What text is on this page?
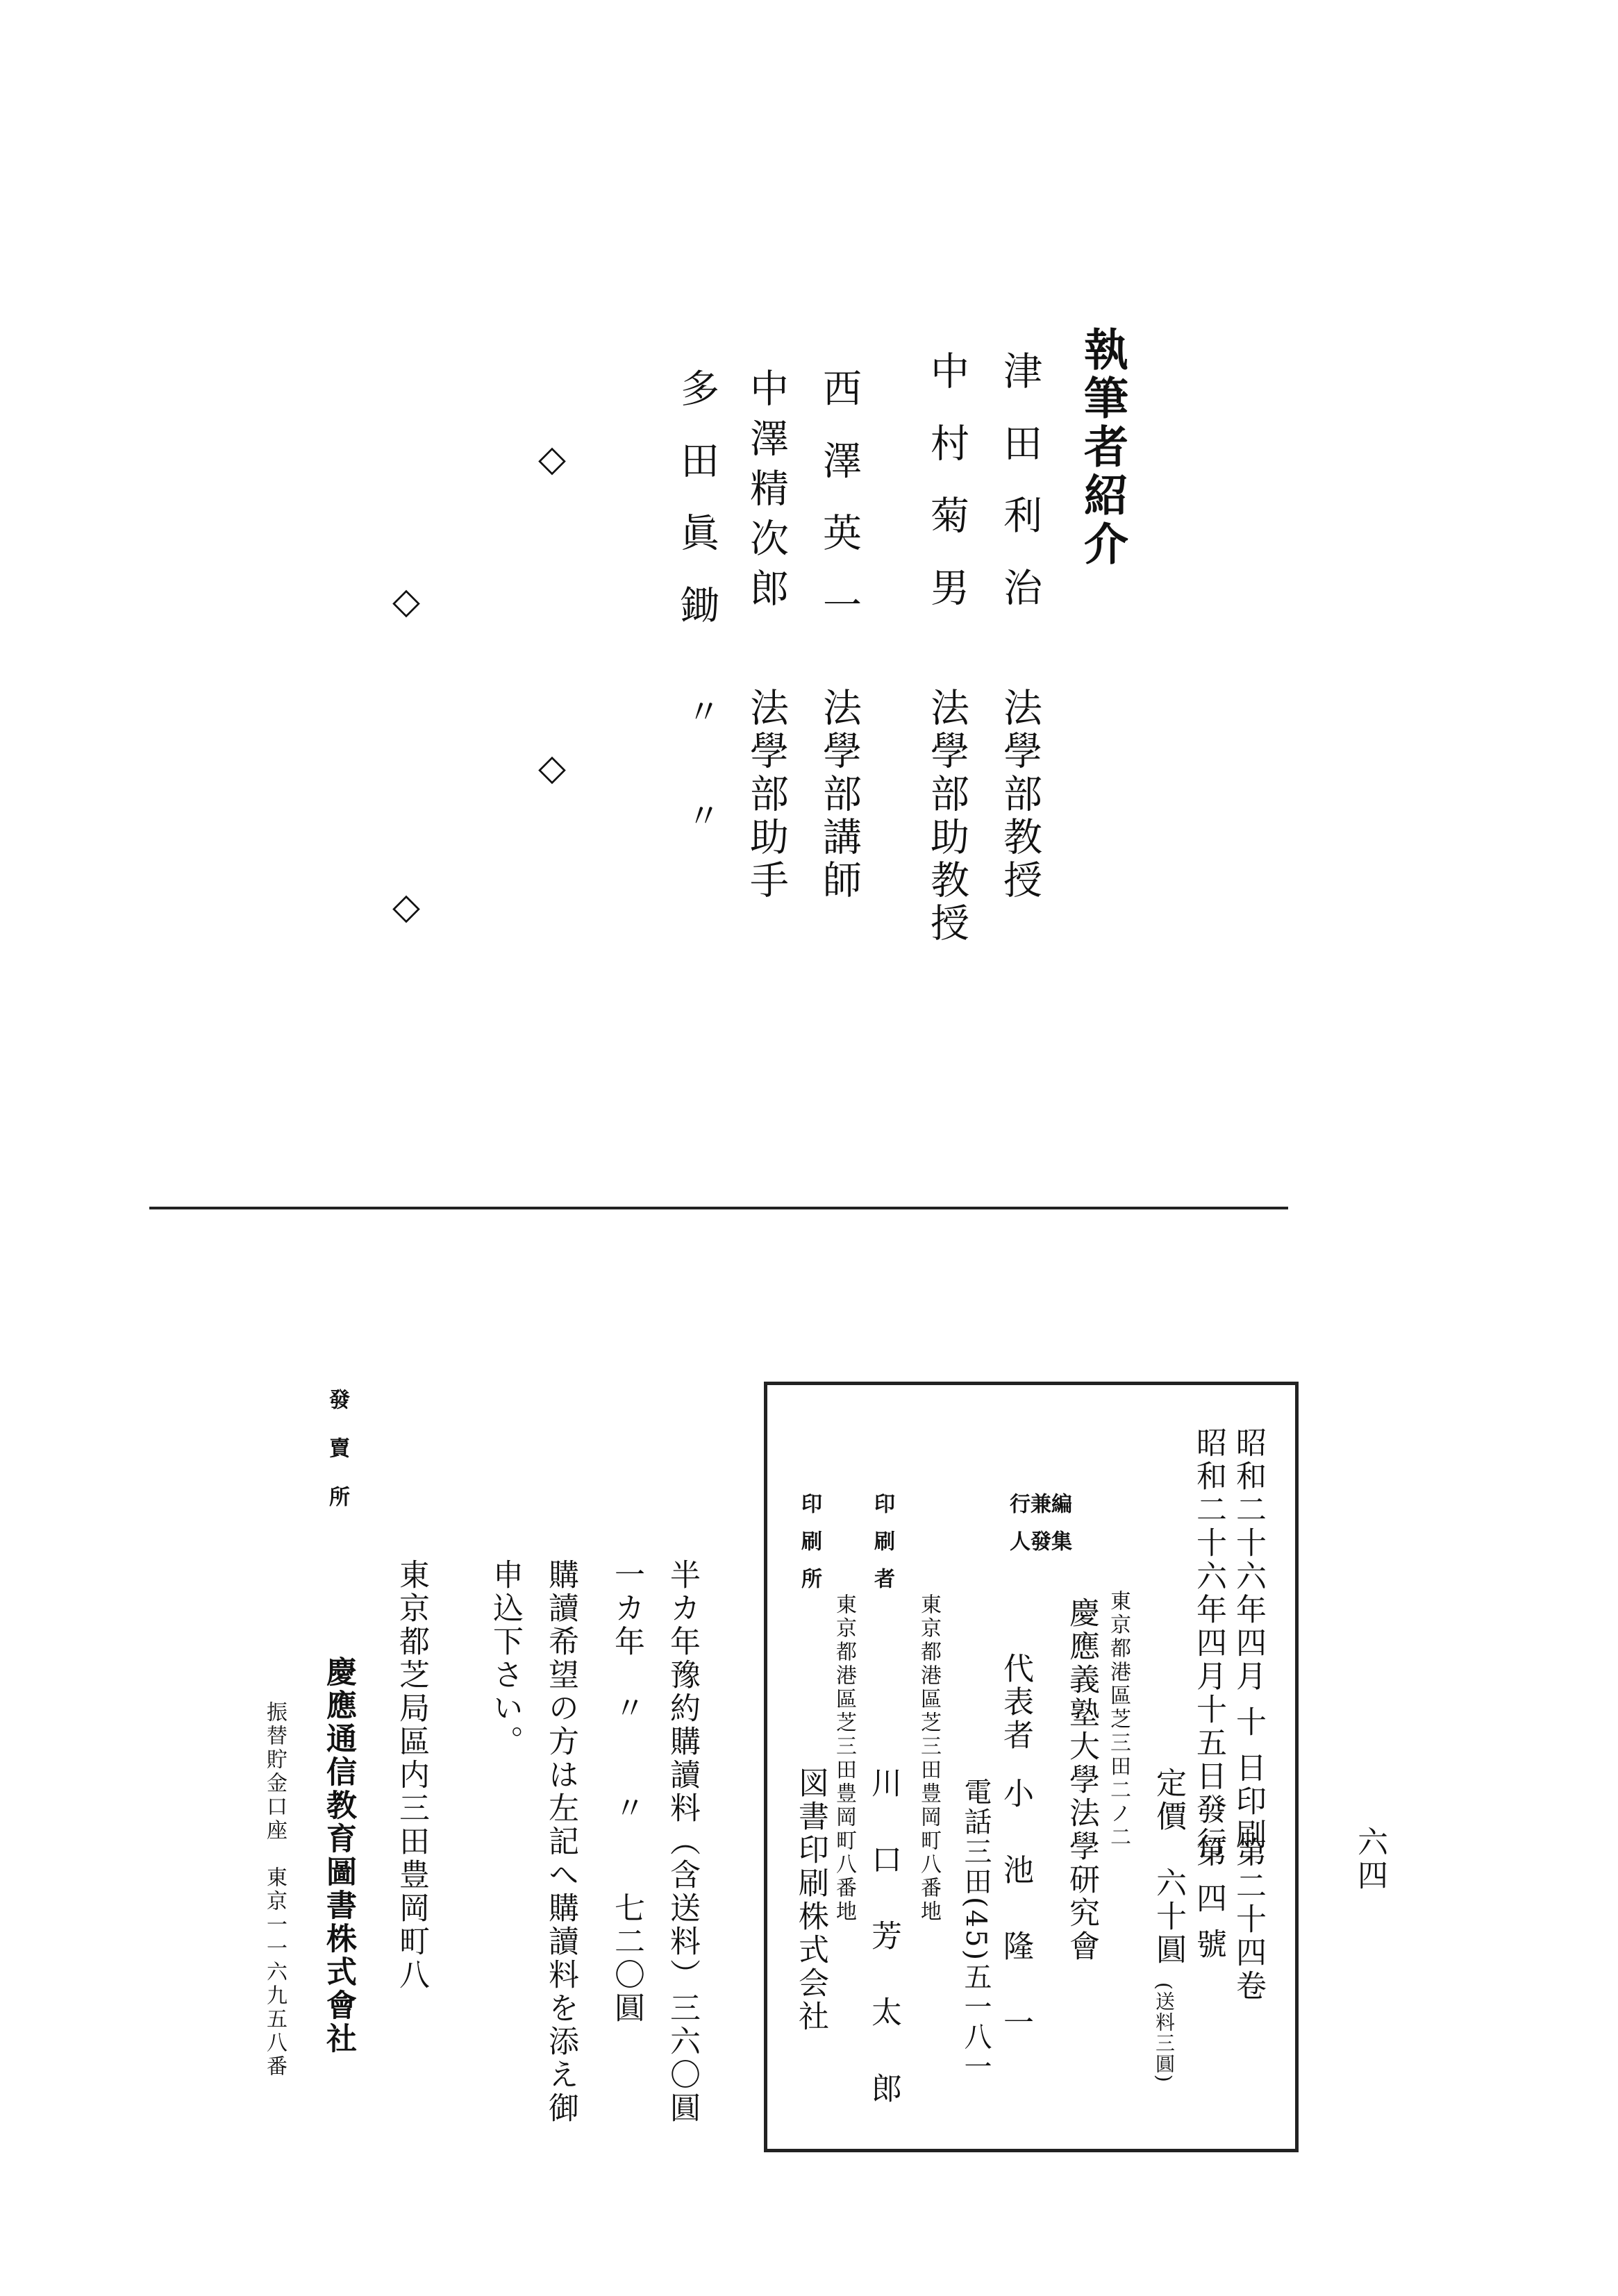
執筆者紹介
津田利治
法學部教授
中村菊男
法學部助教授
西澤英一
法學部講師
中澤精次郎
法學部助手
多田眞鋤
〃
〃
◇
◇
◇
◇
六四
昭和二十六年四月 十 日印刷
第二十四卷
昭和二十六年四月十五日發行
第 四 號
定價　六十圓
(送料三圓)
東京都港區芝三田二ノ二
慶應義塾大學法學研究會
編集兼發行人
代表者
小 池 隆 一
電話三田(45)五一八一
東京都港區芝三田豊岡町八番地
印刷者
川 口 芳 太 郎
東京都港區芝三田豊岡町八番地
印刷所
図書印刷株式会社
半カ年豫約購讀料（含送料）三六〇圓
一カ年　〃　　〃　　七二〇圓
購讀希望の方は左記へ購讀料を添え御
申込下さい。
東京都芝局區内三田豊岡町八
發賣所
慶應通信教育圖書株式會社
振替貯金口座　東京一一六九五八番
